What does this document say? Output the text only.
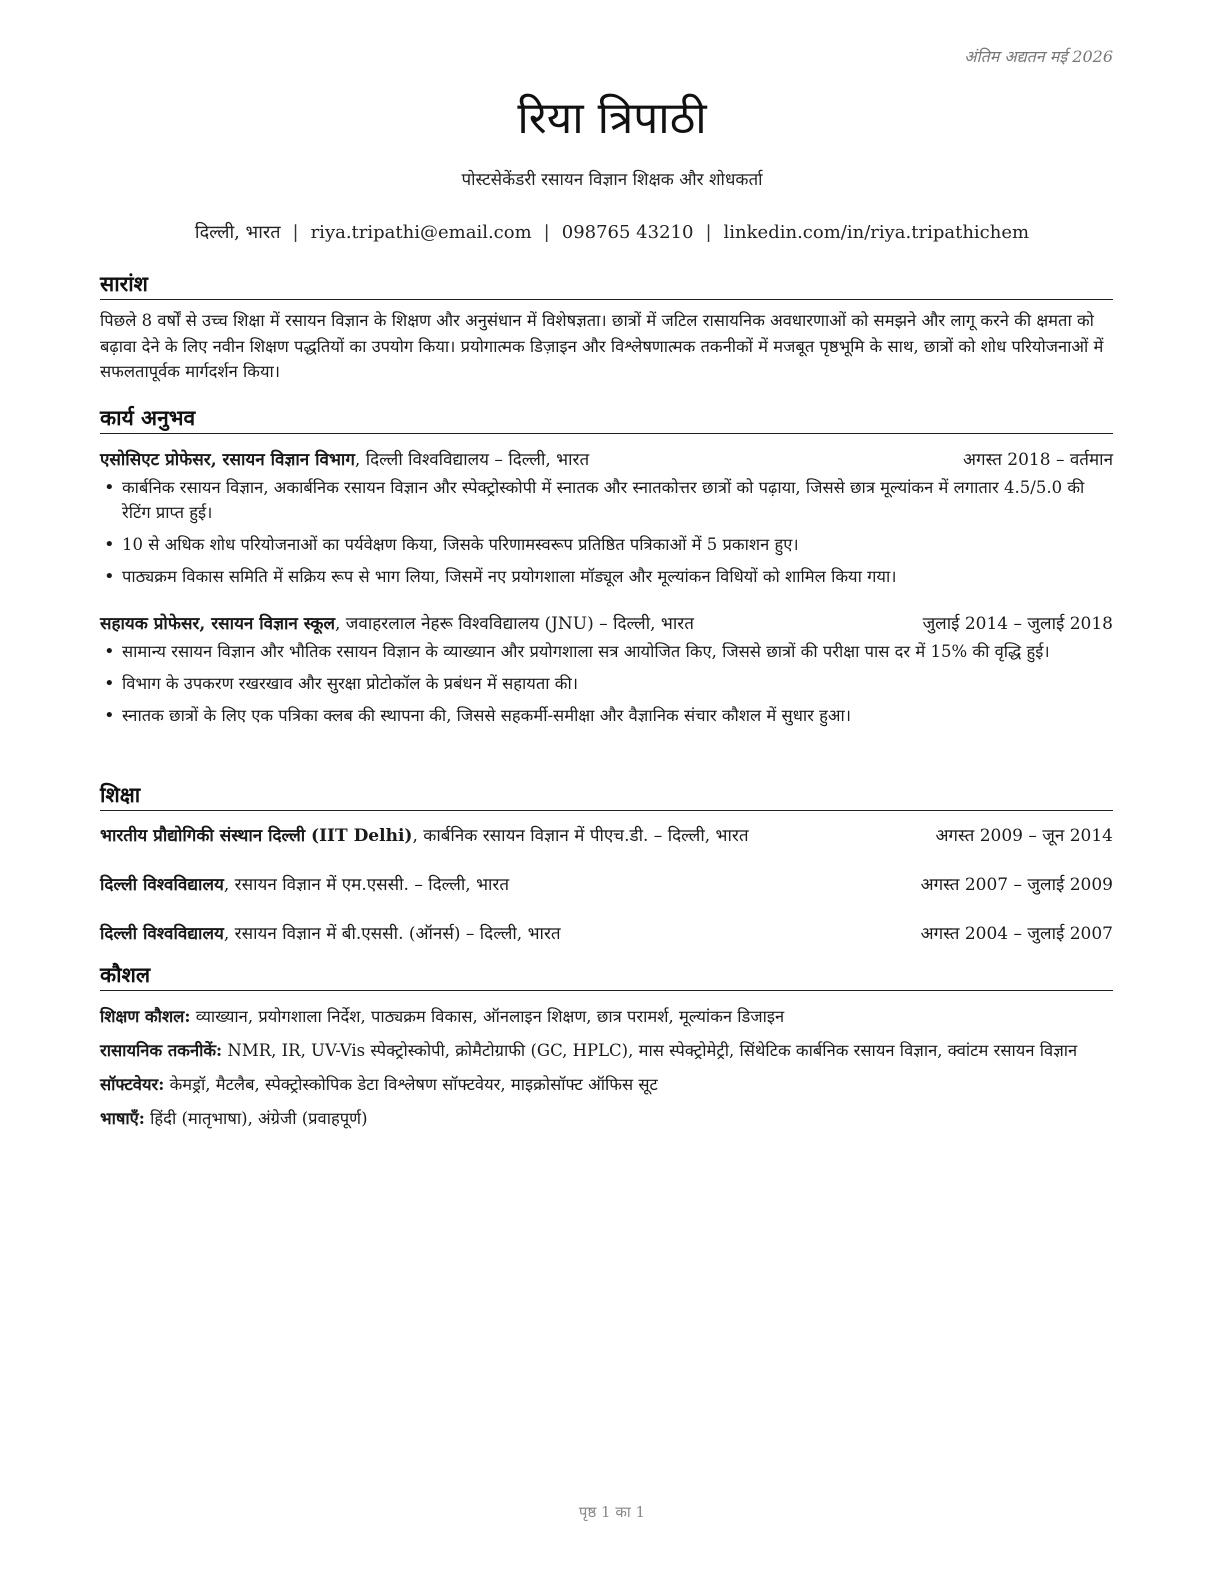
अंतिम अद्यतन मई 2026
रिया त्रिपाठी
पोस्टसेकेंडरी रसायन विज्ञान शिक्षक और शोधकर्ता
दिल्ली, भारत | riya.tripathi@email.com | 098765 43210 | linkedin.com/in/riya.tripathichem
सारांश

पिछले 8 वर्षों से उच्च शिक्षा में रसायन विज्ञान के शिक्षण और अनुसंधान में विशेषज्ञता। छात्रों में जटिल रासायनिक अवधारणाओं को समझने और लागू करने की क्षमता को बढ़ावा देने के लिए नवीन शिक्षण पद्धतियों का उपयोग किया। प्रयोगात्मक डिज़ाइन और विश्लेषणात्मक तकनीकों में मजबूत पृष्ठभूमि के साथ, छात्रों को शोध परियोजनाओं में सफलतापूर्वक मार्गदर्शन किया।

कार्य अनुभव
एसोसिएट प्रोफेसर, रसायन विज्ञान विभाग, दिल्ली विश्वविद्यालय – दिल्ली, भारत	अगस्त 2018 – वर्तमान
• कार्बनिक रसायन विज्ञान, अकार्बनिक रसायन विज्ञान और स्पेक्ट्रोस्कोपी में स्नातक और स्नातकोत्तर छात्रों को पढ़ाया, जिससे छात्र मूल्यांकन में लगातार 4.5/5.0 की रेटिंग प्राप्त हुई।
• 10 से अधिक शोध परियोजनाओं का पर्यवेक्षण किया, जिसके परिणामस्वरूप प्रतिष्ठित पत्रिकाओं में 5 प्रकाशन हुए।
• पाठ्यक्रम विकास समिति में सक्रिय रूप से भाग लिया, जिसमें नए प्रयोगशाला मॉड्यूल और मूल्यांकन विधियों को शामिल किया गया।
सहायक प्रोफेसर, रसायन विज्ञान स्कूल, जवाहरलाल नेहरू विश्वविद्यालय (JNU) – दिल्ली, भारत	जुलाई 2014 – जुलाई 2018
• सामान्य रसायन विज्ञान और भौतिक रसायन विज्ञान के व्याख्यान और प्रयोगशाला सत्र आयोजित किए, जिससे छात्रों की परीक्षा पास दर में 15% की वृद्धि हुई।
• विभाग के उपकरण रखरखाव और सुरक्षा प्रोटोकॉल के प्रबंधन में सहायता की।
• स्नातक छात्रों के लिए एक पत्रिका क्लब की स्थापना की, जिससे सहकर्मी-समीक्षा और वैज्ञानिक संचार कौशल में सुधार हुआ।
शिक्षा
भारतीय प्रौद्योगिकी संस्थान दिल्ली (IIT Delhi), कार्बनिक रसायन विज्ञान में पीएच.डी. – दिल्ली, भारत	अगस्त 2009 – जून 2014
दिल्ली विश्वविद्यालय, रसायन विज्ञान में एम.एससी. – दिल्ली, भारत	अगस्त 2007 – जुलाई 2009
दिल्ली विश्वविद्यालय, रसायन विज्ञान में बी.एससी. (ऑनर्स) – दिल्ली, भारत	अगस्त 2004 – जुलाई 2007
कौशल

शिक्षण कौशल: व्याख्यान, प्रयोगशाला निर्देश, पाठ्यक्रम विकास, ऑनलाइन शिक्षण, छात्र परामर्श, मूल्यांकन डिजाइन

रासायनिक तकनीकें: NMR, IR, UV-Vis स्पेक्ट्रोस्कोपी, क्रोमैटोग्राफी (GC, HPLC), मास स्पेक्ट्रोमेट्री, सिंथेटिक कार्बनिक रसायन विज्ञान, क्वांटम रसायन विज्ञान

सॉफ्टवेयर: केमड्रॉ, मैटलैब, स्पेक्ट्रोस्कोपिक डेटा विश्लेषण सॉफ्टवेयर, माइक्रोसॉफ्ट ऑफिस सूट

भाषाएँ: हिंदी (मातृभाषा), अंग्रेजी (प्रवाहपूर्ण)

पृष्ठ 1 का 1
